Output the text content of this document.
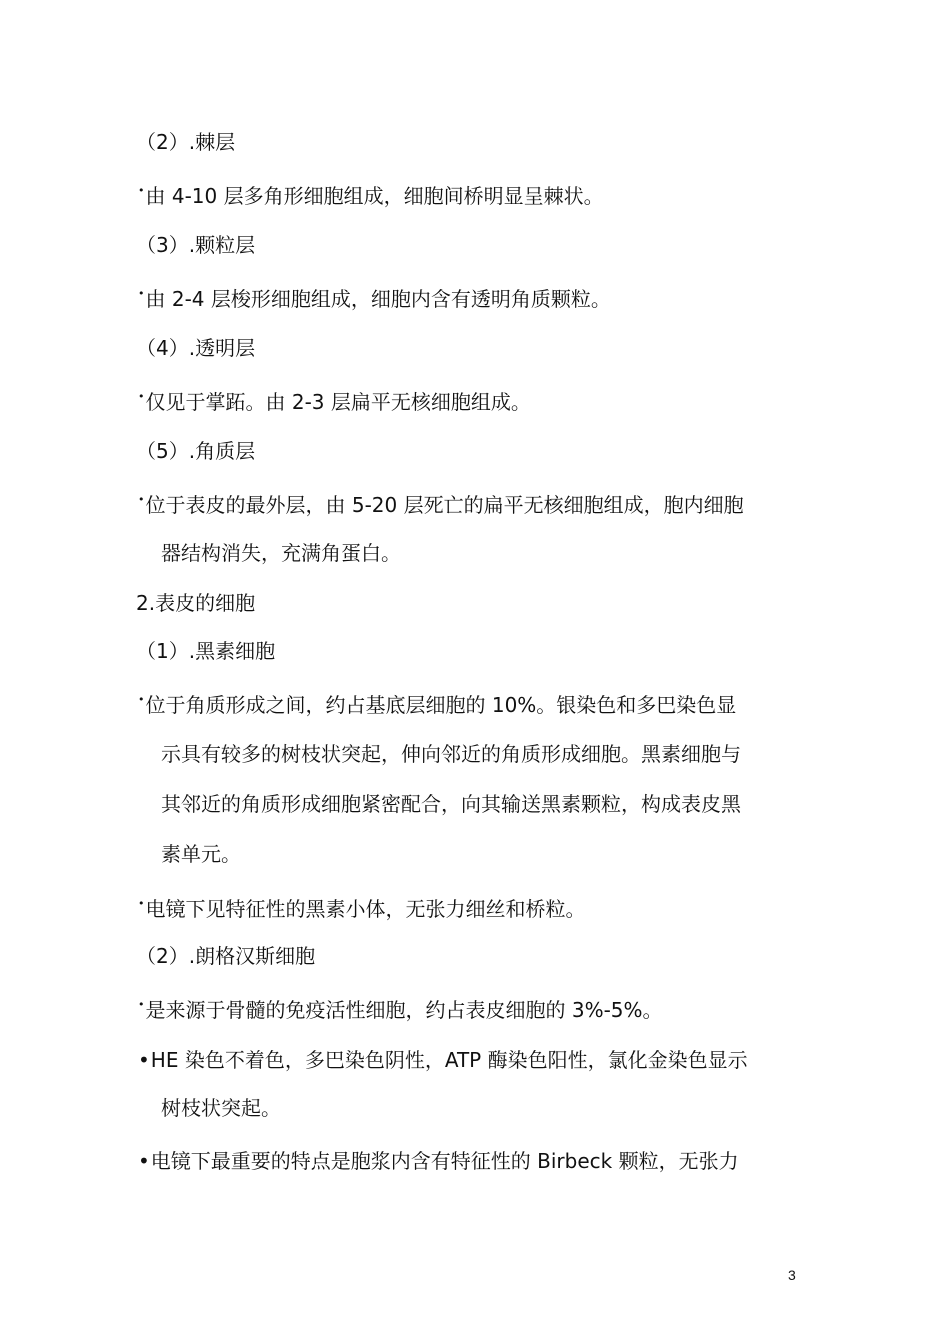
（2）.棘层
•由 4-10 层多角形细胞组成，细胞间桥明显呈棘状。
（3）.颗粒层
•由 2-4 层梭形细胞组成，细胞内含有透明角质颗粒。
（4）.透明层
•仅见于掌跖。由 2-3 层扁平无核细胞组成。
（5）.角质层
•位于表皮的最外层，由 5-20 层死亡的扁平无核细胞组成，胞内细胞
器结构消失，充满角蛋白。
2.表皮的细胞
（1）.黑素细胞
•位于角质形成之间，约占基底层细胞的 10%。银染色和多巴染色显
示具有较多的树枝状突起，伸向邻近的角质形成细胞。黑素细胞与
其邻近的角质形成细胞紧密配合，向其输送黑素颗粒，构成表皮黑
素单元。
•电镜下见特征性的黑素小体，无张力细丝和桥粒。
（2）.朗格汉斯细胞
•是来源于骨髓的免疫活性细胞，约占表皮细胞的 3%-5%。
•HE 染色不着色，多巴染色阴性，ATP 酶染色阳性，氯化金染色显示
树枝状突起。
•电镜下最重要的特点是胞浆内含有特征性的 Birbeck 颗粒，无张力
3
